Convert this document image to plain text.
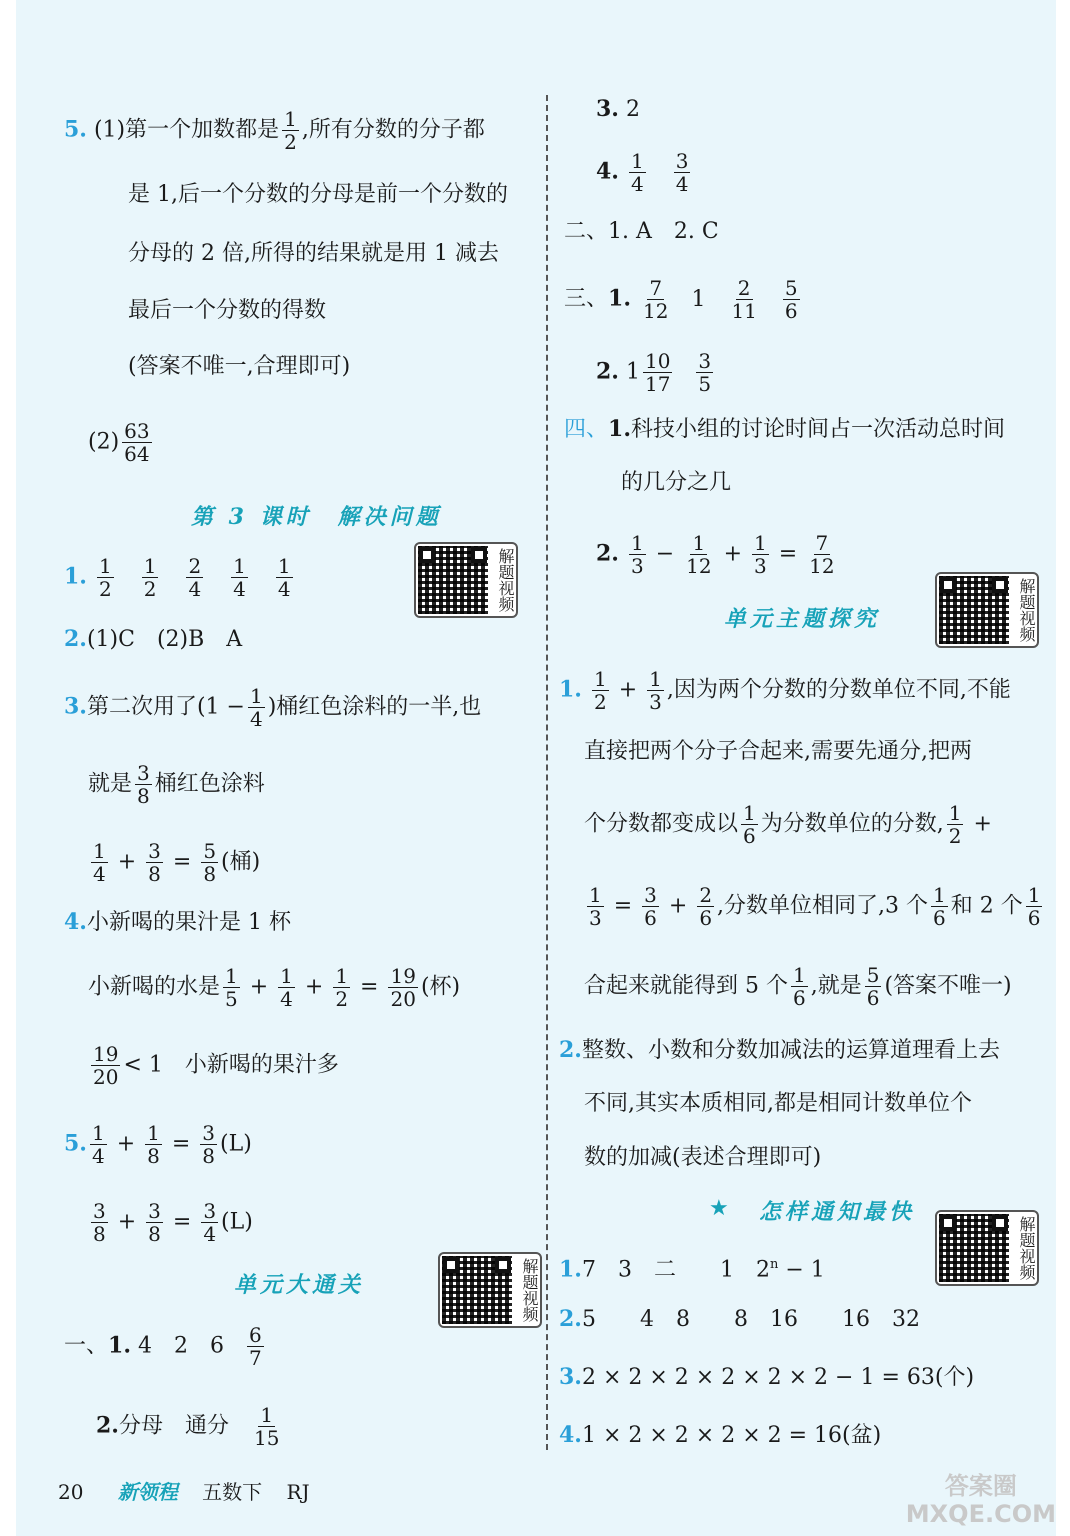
5. (1)第一个加数都是 $\frac{1}{2}$ ,所有分数的分子都
是 1,后一个分数的分母是前一个分数的
分母的 2 倍,所得的结果就是用 1 减去
最后一个分数的得数
(答案不唯一,合理即可)
$(2) \frac{63}{64}$
第 3 课时　解决问题
解题视频
1. $\frac{1}{2}$
$\frac{1}{2}$
$\frac{2}{4}$
$\frac{1}{4}$
$\frac{1}{4}$
2.(1)C　(2)B　A
3.第二次用了($1 - \frac{1}{4}$ )桶红色涂料的一半,也
就是 $\frac{3}{8}$ 桶红色涂料
$\frac{1}{4} + \frac{3}{8} = \frac{5}{8}$ (桶)
4.小新喝的果汁是 1 杯
小新喝的水是 $\frac{1}{5} + \frac{1}{4} + \frac{1}{2} = \frac{19}{20}$ (杯)
$\frac{19}{20} < 1$　小新喝的果汁多
5. $\frac{1}{4} + \frac{1}{8} = \frac{3}{8} (L)$
$\frac{3}{8} + \frac{3}{8} = \frac{3}{4} (L)$
单元大通关	解题视频
一、1. 4　2　$6 \frac{6}{7}$
2.分母　通分 $\frac{1}{15}$
3. 2
4. $\frac{1}{4}$
$\frac{3}{4}$
二、1. A　2. C
三、1. $\frac{7}{12} 1 \frac{2}{11}$
$\frac{5}{6}$
2. $1 \frac{10}{17}$
$\frac{3}{5}$
四、1.科技小组的讨论时间占一次活动总时间
的几分之几
2. $\frac{1}{3} - \frac{1}{12} + \frac{1}{3} = \frac{7}{12}$
解题视频
单元主题探究
1. $\frac{1}{2} + \frac{1}{3}$ ,因为两个分数的分数单位不同,不能
直接把两个分子合起来,需要先通分,把两
个分数都变成以 $\frac{1}{6}$ 为分数单位的分数, $\frac{1}{2}$ +
$\frac{1}{3} = \frac{3}{6} + \frac{2}{6}$ ,分数单位相同了,3 个 $\frac{1}{6}$ 和 2 个 $\frac{1}{6}$
合起来就能得到 5 个 $\frac{1}{6}$ ,就是 $\frac{5}{6}$ (答案不唯一)
2.整数、小数和分数加减法的运算道理看上去
不同,其实本质相同,都是相同计数单位个
数的加减(表述合理即可)
★ 怎样通知最快
解题视频
1.7　3　二　　1　$2^n - 1$
2.5　　4　8　　8　16　　16　32
3.2 × 2 × 2 × 2 × 2 × 2 − 1 = 63(个)
4.1 × 2 × 2 × 2 × 2 = 16(盆)
20 新领程 五数下 RJ	答案圈
MXQE.COM
